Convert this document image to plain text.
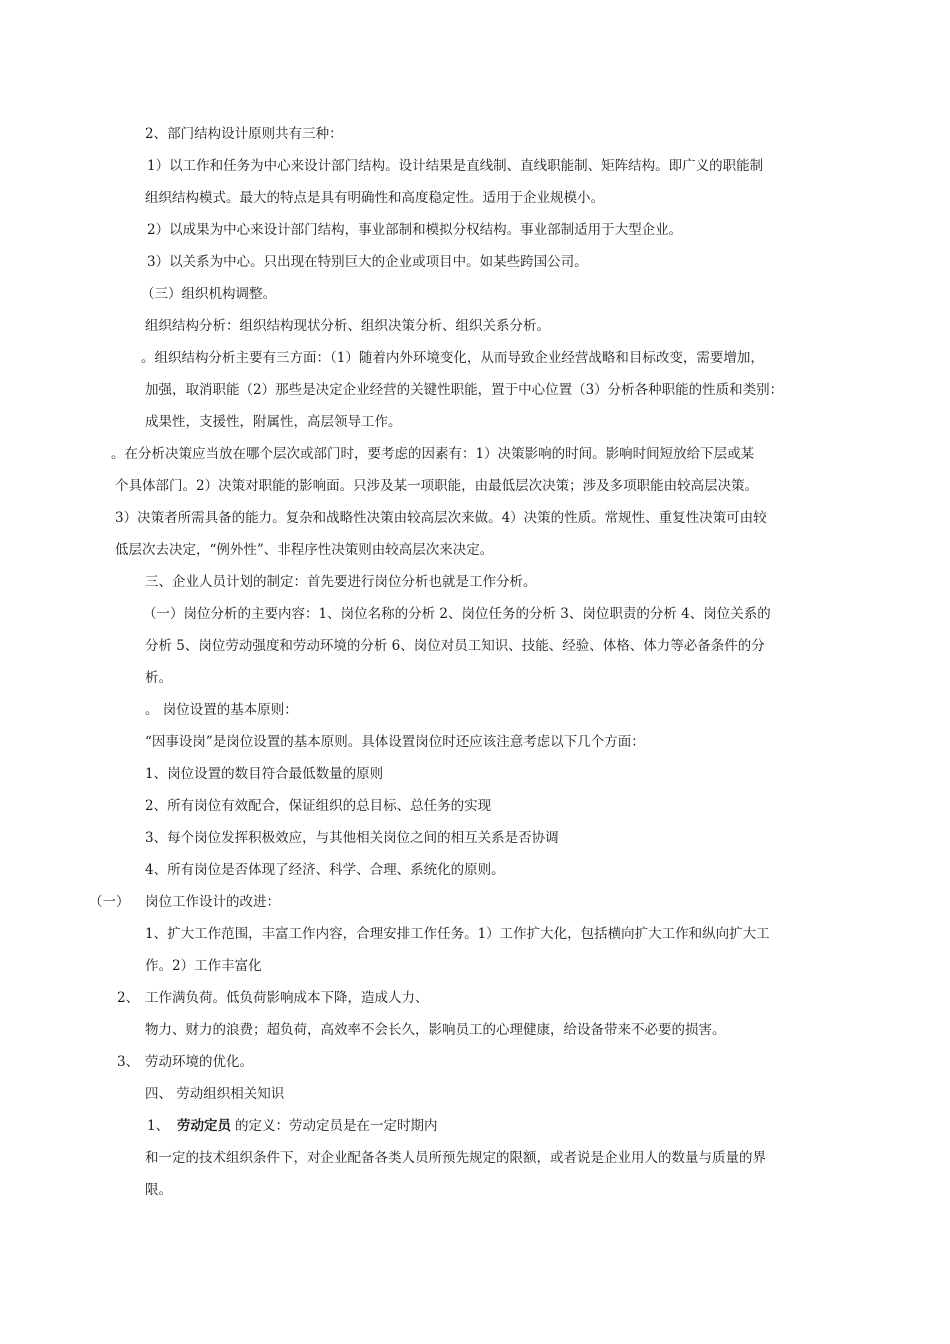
2、部门结构设计原则共有三种：
1）以工作和任务为中心来设计部门结构。设计结果是直线制、直线职能制、矩阵结构。即广义的职能制
组织结构模式。最大的特点是具有明确性和高度稳定性。适用于企业规模小。
2）以成果为中心来设计部门结构，事业部制和模拟分权结构。事业部制适用于大型企业。
3）以关系为中心。只出现在特别巨大的企业或项目中。如某些跨国公司。
（三）组织机构调整。
组织结构分析：组织结构现状分析、组织决策分析、组织关系分析。
。组织结构分析主要有三方面：（1）随着内外环境变化，从而导致企业经营战略和目标改变，需要增加，
加强，取消职能（2）那些是决定企业经营的关键性职能，置于中心位置（3）分析各种职能的性质和类别：
成果性，支援性，附属性，高层领导工作。
。在分析决策应当放在哪个层次或部门时，要考虑的因素有：1）决策影响的时间。影响时间短放给下层或某
个具体部门。2）决策对职能的影响面。只涉及某一项职能，由最低层次决策；涉及多项职能由较高层决策。
3）决策者所需具备的能力。复杂和战略性决策由较高层次来做。4）决策的性质。常规性、重复性决策可由较
低层次去决定，“例外性”、非程序性决策则由较高层次来决定。
三、企业人员计划的制定：首先要进行岗位分析也就是工作分析。
（一）岗位分析的主要内容：1、岗位名称的分析 2、岗位任务的分析 3、岗位职责的分析 4、岗位关系的
分析 5、岗位劳动强度和劳动环境的分析 6、岗位对员工知识、技能、经验、体格、体力等必备条件的分
析。
。 岗位设置的基本原则：
“因事设岗”是岗位设置的基本原则。具体设置岗位时还应该注意考虑以下几个方面：
1、岗位设置的数目符合最低数量的原则
2、所有岗位有效配合，保证组织的总目标、总任务的实现
3、每个岗位发挥积极效应，与其他相关岗位之间的相互关系是否协调
4、所有岗位是否体现了经济、科学、合理、系统化的原则。
（一） 岗位工作设计的改进：
1、扩大工作范围，丰富工作内容，合理安排工作任务。1）工作扩大化，包括横向扩大工作和纵向扩大工
作。2）工作丰富化
2、 工作满负荷。低负荷影响成本下降，造成人力、
物力、财力的浪费；超负荷，高效率不会长久，影响员工的心理健康，给设备带来不必要的损害。
3、 劳动环境的优化。
四、 劳动组织相关知识
1、 劳动定员 的定义：劳动定员是在一定时期内
和一定的技术组织条件下，对企业配备各类人员所预先规定的限额，或者说是企业用人的数量与质量的界
限。
